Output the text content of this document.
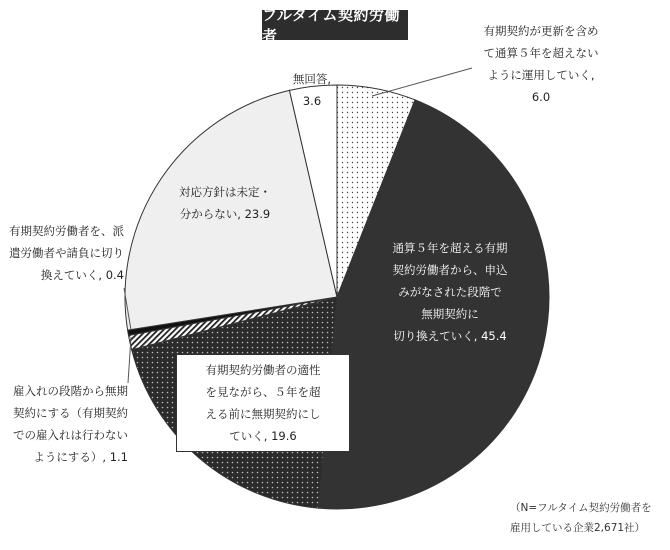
フルタイム契約労働者	有期契約が更新を含め
て通算５年を超えない
ように運用していく,
6.0
通算５年を超える有期
契約労働者から、申込
みがなされた段階で
無期契約に
切り換えていく, 45.4
有期契約労働者の適性
を見ながら、５年を超
える前に無期契約にし
ていく, 19.6
雇入れの段階から無期
契約にする（有期契約
での雇入れは行わない
ようにする）, 1.1
有期契約労働者を、派
遣労働者や請負に切り
換えていく, 0.4
対応方針は未定・
分からない, 23.9
無回答,
3.6
（N=フルタイム契約労働者を
雇用している企業2,671社）
